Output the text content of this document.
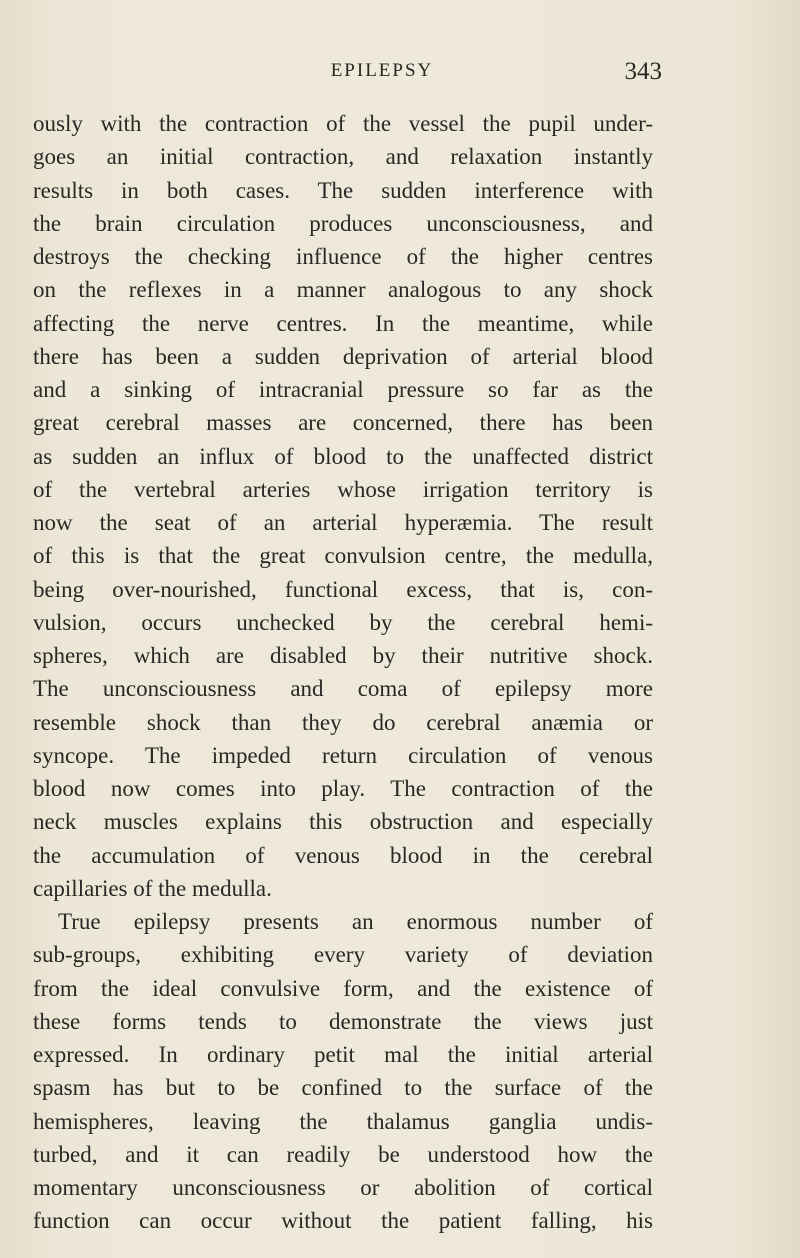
EPILEPSY	343
ously with the contraction of the vessel the pupil under-
goes an initial contraction, and relaxation instantly
results in both cases. The sudden interference with
the brain circulation produces unconsciousness, and
destroys the checking influence of the higher centres
on the reflexes in a manner analogous to any shock
affecting the nerve centres. In the meantime, while
there has been a sudden deprivation of arterial blood
and a sinking of intracranial pressure so far as the
great cerebral masses are concerned, there has been
as sudden an influx of blood to the unaffected district
of the vertebral arteries whose irrigation territory is
now the seat of an arterial hyperæmia. The result
of this is that the great convulsion centre, the medulla,
being over-nourished, functional excess, that is, con-
vulsion, occurs unchecked by the cerebral hemi-
spheres, which are disabled by their nutritive shock.
The unconsciousness and coma of epilepsy more
resemble shock than they do cerebral anæmia or
syncope. The impeded return circulation of venous
blood now comes into play. The contraction of the
neck muscles explains this obstruction and especially
the accumulation of venous blood in the cerebral
capillaries of the medulla.
True epilepsy presents an enormous number of
sub-groups, exhibiting every variety of deviation
from the ideal convulsive form, and the existence of
these forms tends to demonstrate the views just
expressed. In ordinary petit mal the initial arterial
spasm has but to be confined to the surface of the
hemispheres, leaving the thalamus ganglia undis-
turbed, and it can readily be understood how the
momentary unconsciousness or abolition of cortical
function can occur without the patient falling, his
